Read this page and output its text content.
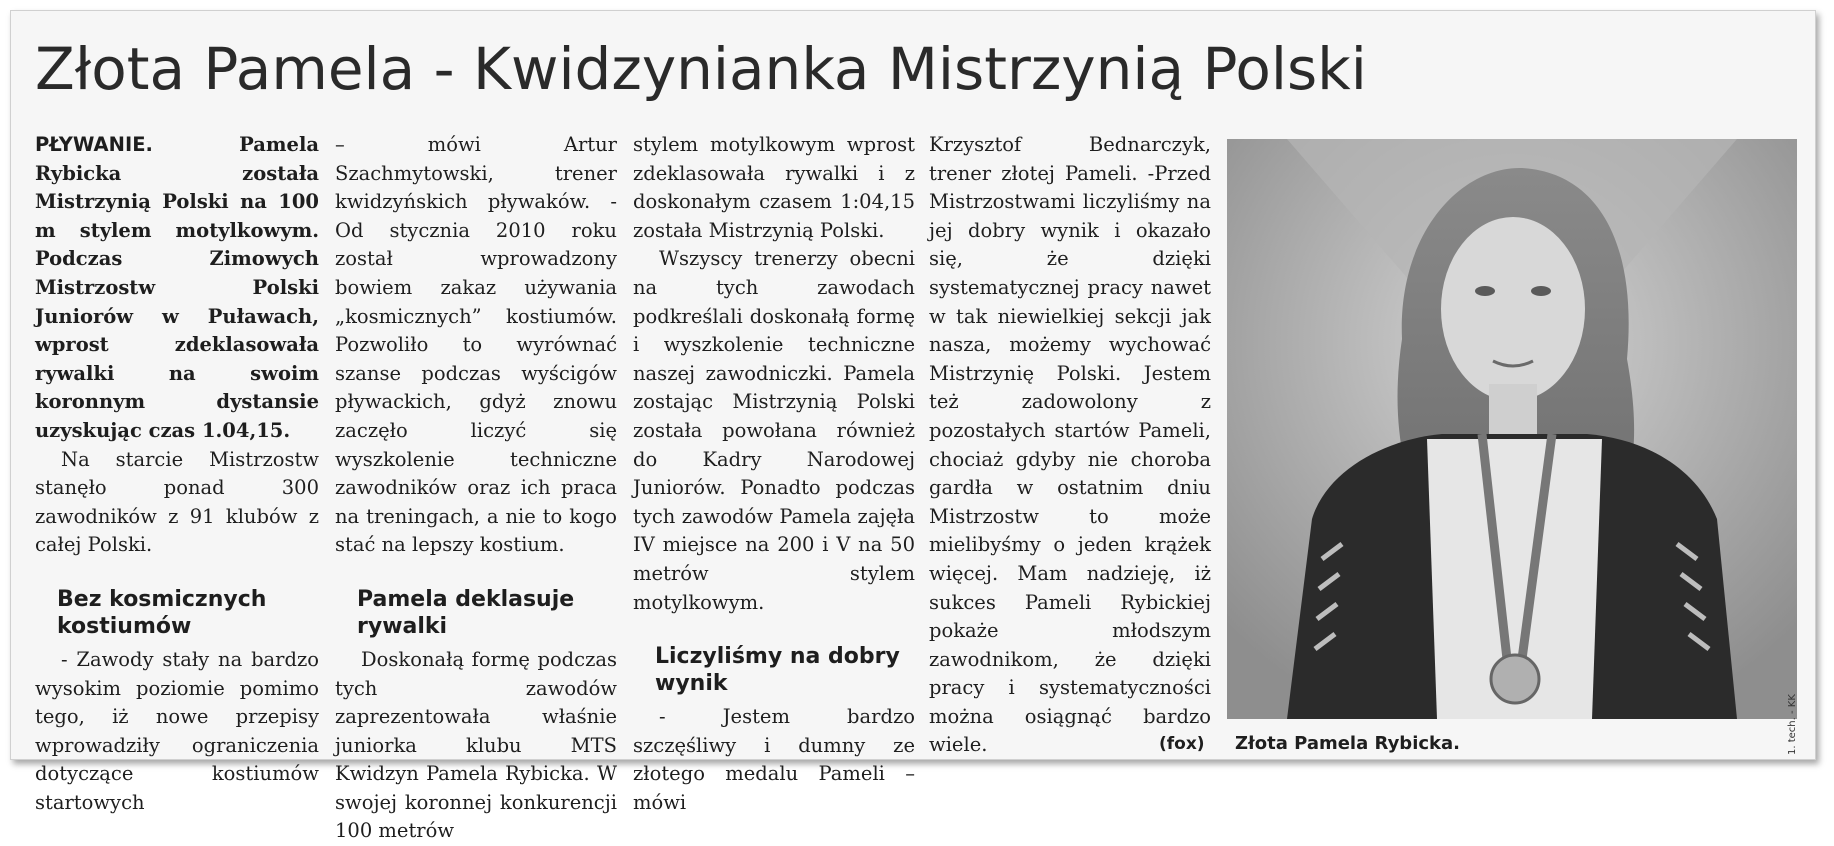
Złota Pamela - Kwidzynianka Mistrzynią Polski

PŁYWANIE.	Pamela Rybicka została Mistrzynią Polski na 100 m stylem motylkowym. Podczas Zimowych Mistrzostw Polski Juniorów w Puławach, wprost zdeklasowała rywalki na swoim koronnym dystansie uzyskując czas 1.04,15.

Na starcie Mistrzostw stanęło ponad 300 zawodników z 91 klubów z całej Polski.

Bez kosmicznych kostiumów

- Zawody stały na bardzo wysokim poziomie pomimo tego, iż nowe przepisy wprowadziły ograniczenia dotyczące kostiumów startowych

– mówi Artur Szachmytowski, trener kwidzyńskich pływaków. - Od stycznia 2010 roku został wprowadzony bowiem zakaz używania „kosmicznych” kostiumów. Pozwoliło to wyrównać szanse podczas wyścigów pływackich, gdyż znowu zaczęło liczyć się wyszkolenie techniczne zawodników oraz ich praca na treningach, a nie to kogo stać na lepszy kostium.

Pamela deklasuje rywalki

Doskonałą formę podczas tych zawodów zaprezentowała właśnie juniorka klubu MTS Kwidzyn Pamela Rybicka. W swojej koronnej konkurencji 100 metrów

stylem motylkowym wprost zdeklasowała rywalki i z doskonałym czasem 1:04,15 została Mistrzynią Polski.

Wszyscy trenerzy obecni na tych zawodach podkreślali doskonałą formę i wyszkolenie techniczne naszej zawodniczki. Pamela zostając Mistrzynią Polski została powołana również do Kadry Narodowej Juniorów. Ponadto podczas tych zawodów Pamela zajęła IV miejsce na 200 i V na 50 metrów stylem motylkowym.

Liczyliśmy na dobry wynik

- Jestem bardzo szczęśliwy i dumny ze złotego medalu Pameli – mówi

Krzysztof Bednarczyk, trener złotej Pameli. -Przed Mistrzostwami liczyliśmy na jej dobry wynik i okazało się, że dzięki systematycznej pracy nawet w tak niewielkiej sekcji jak nasza, możemy wychować Mistrzynię Polski. Jestem też zadowolony z pozostałych startów Pameli, chociaż gdyby nie choroba gardła w ostatnim dniu Mistrzostw to może mielibyśmy o jeden krążek więcej. Mam nadzieję, iż sukces Pameli Rybickiej pokaże młodszym zawodnikom, że dzięki pracy i systematyczności można osiągnąć bardzo wiele.	(fox) Złota Pamela Rybicka.	1. tech. - KK
